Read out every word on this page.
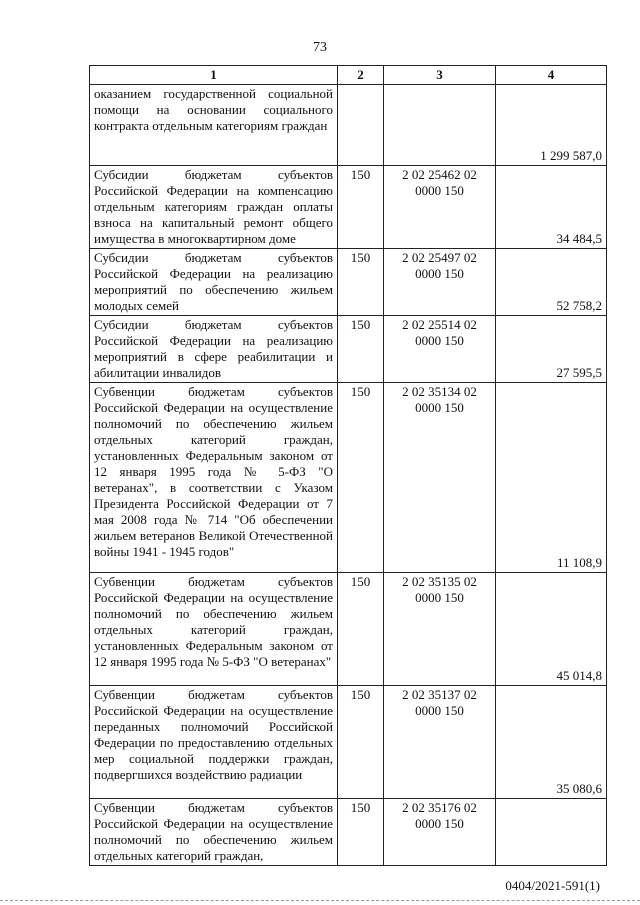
73
1	2	3	4
оказанием государственной социальной помощи на основании социального контракта отдельным категориям граждан			1 299 587,0
Субсидии бюджетам субъектов Российской Федерации на компенсацию отдельным категориям граждан оплаты взноса на капитальный ремонт общего имущества в многоквартирном доме	150	2 02 25462 02 0000 150	34 484,5
Субсидии бюджетам субъектов Российской Федерации на реализацию мероприятий по обеспечению жильем молодых семей	150	2 02 25497 02 0000 150	52 758,2
Субсидии бюджетам субъектов Российской Федерации на реализацию мероприятий в сфере реабилитации и абилитации инвалидов	150	2 02 25514 02 0000 150	27 595,5
Субвенции бюджетам субъектов Российской Федерации на осуществление полномочий по обеспечению жильем отдельных категорий граждан, установленных Федеральным законом от 12 января 1995 года № 5-ФЗ "О ветеранах", в соответствии с Указом Президента Российской Федерации от 7 мая 2008 года № 714 "Об обеспечении жильем ветеранов Великой Отечественной войны 1941 - 1945 годов"	150	2 02 35134 02 0000 150	11 108,9
Субвенции бюджетам субъектов Российской Федерации на осуществление полномочий по обеспечению жильем отдельных категорий граждан, установленных Федеральным законом от 12 января 1995 года № 5-ФЗ "О ветеранах"	150	2 02 35135 02 0000 150	45 014,8
Субвенции бюджетам субъектов Российской Федерации на осуществление переданных полномочий Российской Федерации по предоставлению отдельных мер социальной поддержки граждан, подвергшихся воздействию радиации	150	2 02 35137 02 0000 150	35 080,6
Субвенции бюджетам субъектов Российской Федерации на осуществление полномочий по обеспечению жильем отдельных категорий граждан,	150	2 02 35176 02 0000 150	
0404/2021-591(1)
